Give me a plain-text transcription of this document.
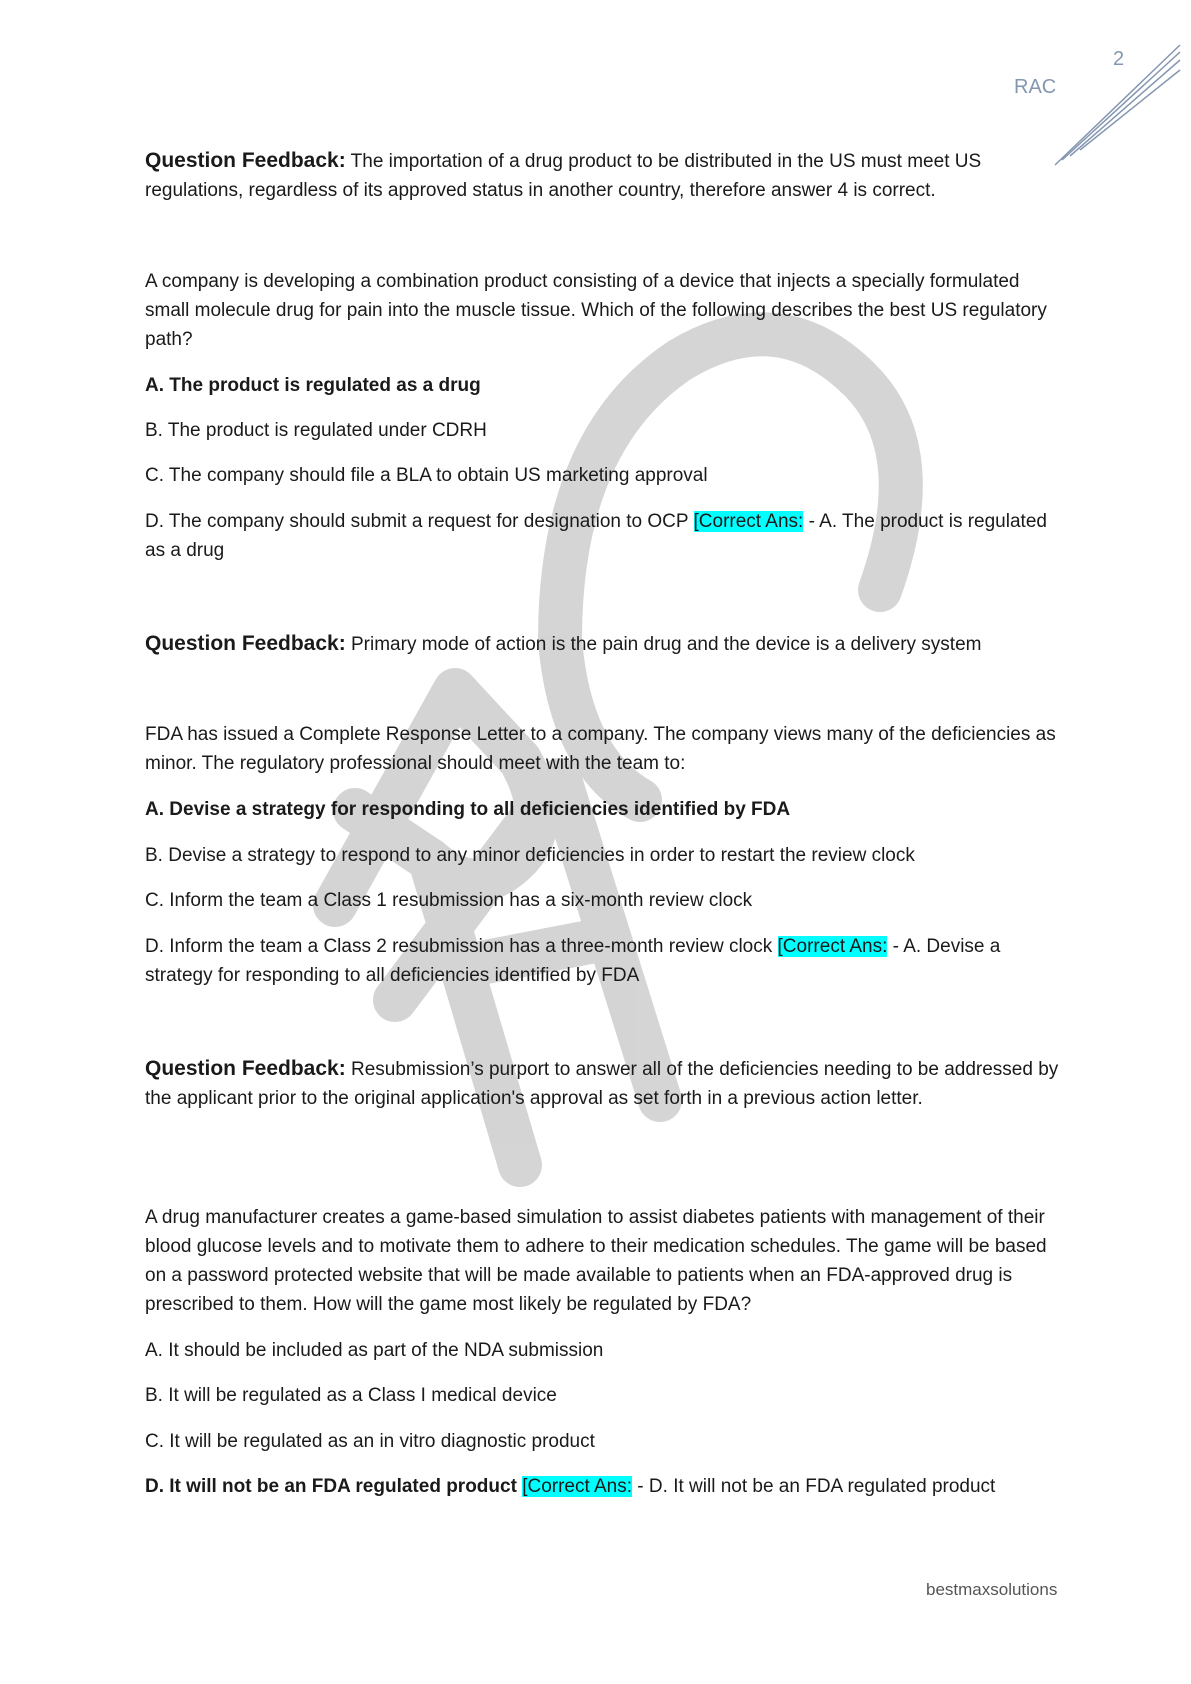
2
RAC

Question Feedback: The importation of a drug product to be distributed in the US must meet US regulations, regardless of its approved status in another country, therefore answer 4 is correct.

A company is developing a combination product consisting of a device that injects a specially formulated small molecule drug for pain into the muscle tissue. Which of the following describes the best US regulatory path?

A. The product is regulated as a drug

B. The product is regulated under CDRH

C. The company should file a BLA to obtain US marketing approval

D. The company should submit a request for designation to OCP [Correct Ans: - A. The product is regulated as a drug

Question Feedback: Primary mode of action is the pain drug and the device is a delivery system

FDA has issued a Complete Response Letter to a company. The company views many of the deficiencies as minor. The regulatory professional should meet with the team to:

A. Devise a strategy for responding to all deficiencies identified by FDA

B. Devise a strategy to respond to any minor deficiencies in order to restart the review clock

C. Inform the team a Class 1 resubmission has a six-month review clock

D. Inform the team a Class 2 resubmission has a three-month review clock [Correct Ans: - A. Devise a strategy for responding to all deficiencies identified by FDA

Question Feedback: Resubmission’s purport to answer all of the deficiencies needing to be addressed by the applicant prior to the original application's approval as set forth in a previous action letter.

A drug manufacturer creates a game-based simulation to assist diabetes patients with management of their blood glucose levels and to motivate them to adhere to their medication schedules. The game will be based on a password protected website that will be made available to patients when an FDA-approved drug is prescribed to them. How will the game most likely be regulated by FDA?

A. It should be included as part of the NDA submission

B. It will be regulated as a Class I medical device

C. It will be regulated as an in vitro diagnostic product

D. It will not be an FDA regulated product [Correct Ans: - D. It will not be an FDA regulated product

bestmaxsolutions
